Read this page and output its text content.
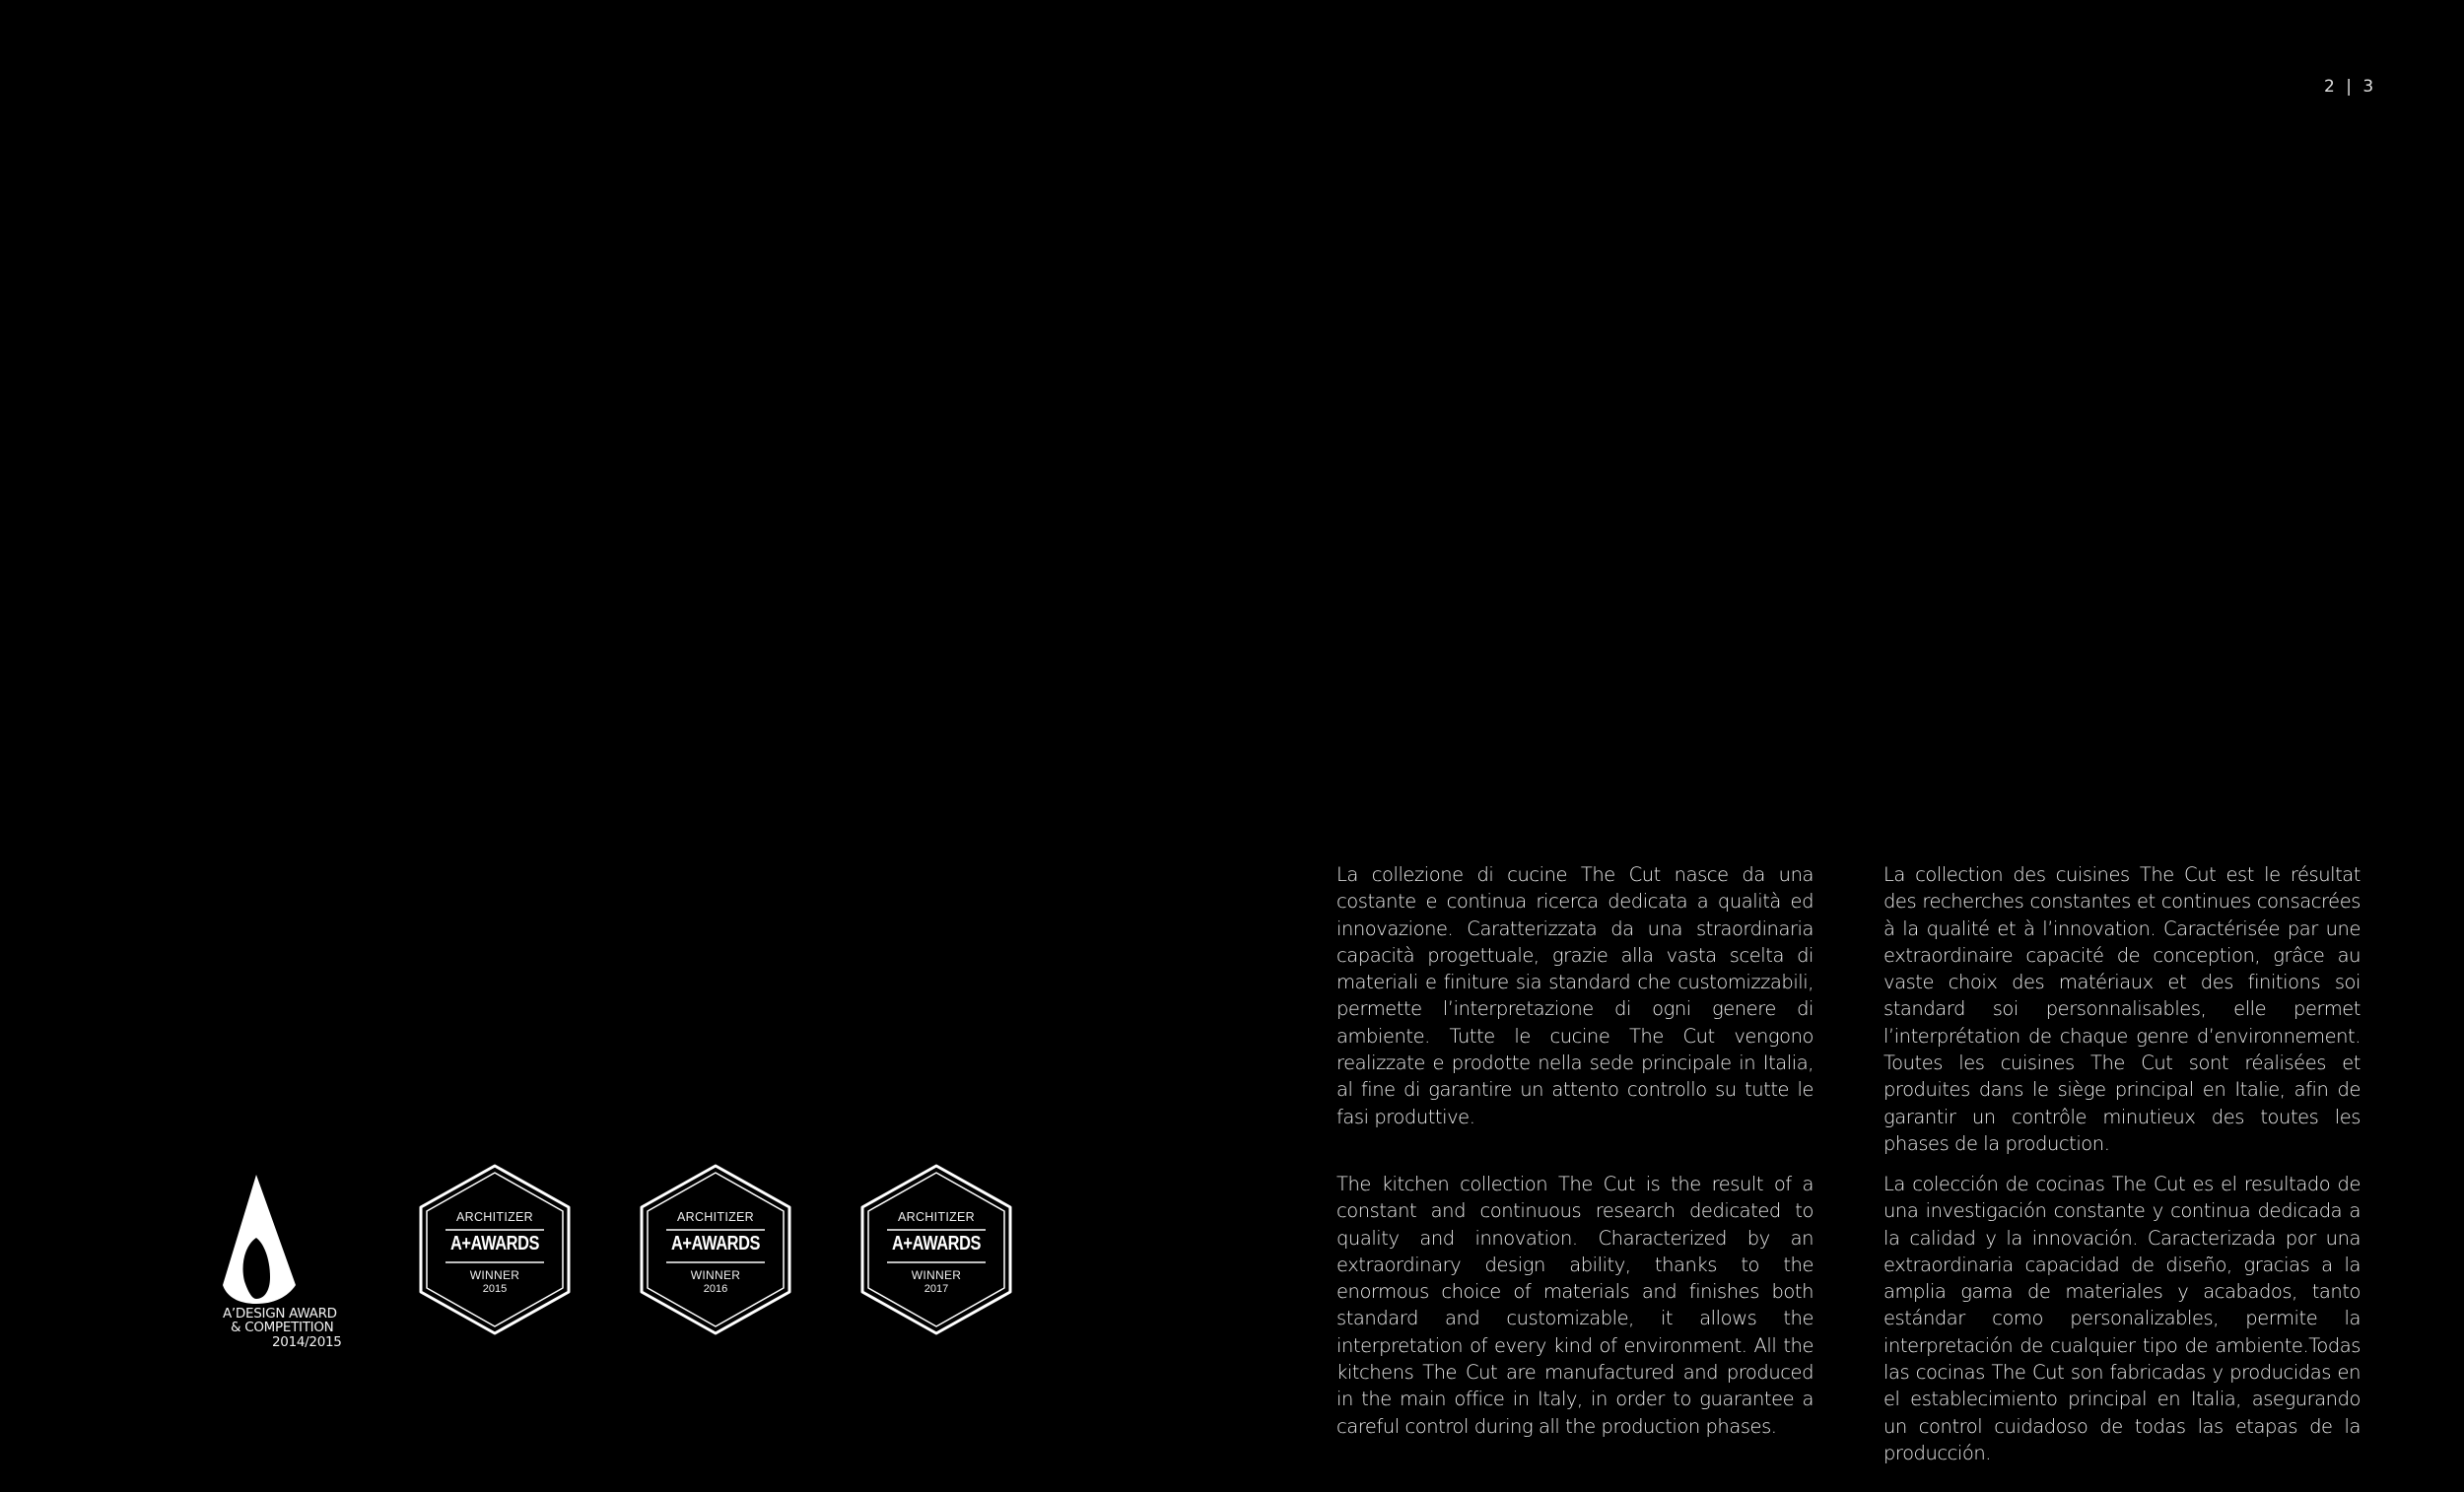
2 | 3

La collezione di cucine The Cut nasce da una costante e continua ricerca dedicata a qualità ed innovazione. Caratterizzata da una straordinaria capacità progettuale, grazie alla vasta scelta di materiali e finiture sia standard che customizzabili, permette l’interpretazione di ogni genere di ambiente. Tutte le cucine The Cut vengono realizzate e prodotte nella sede principale in Italia, al fine di garantire un attento controllo su tutte le fasi produttive.

La collection des cuisines The Cut est le résultat des recherches constantes et continues consacrées à la qualité et à l’innovation. Caractérisée par une extraordinaire capacité de conception, grâce au vaste choix des matériaux et des finitions soi standard soi personnalisables, elle permet l’interprétation de chaque genre d’environnement. Toutes les cuisines The Cut sont réalisées et produites dans le siège principal en Italie, afin de garantir un contrôle minutieux des toutes les phases de la production.

The kitchen collection The Cut is the result of a constant and continuous research dedicated to quality and innovation. Characterized by an extraordinary design ability, thanks to the enormous choice of materials and finishes both standard and customizable, it allows the interpretation of every kind of environment. All the kitchens The Cut are manufactured and produced in the main office in Italy, in order to guarantee a careful control during all the production phases.

La colección de cocinas The Cut es el resultado de una investigación constante y continua dedicada a la calidad y la innovación. Caracterizada por una extraordinaria capacidad de diseño, gracias a la amplia gama de materiales y acabados, tanto estándar como personalizables, permite la interpretación de cualquier tipo de ambiente.Todas las cocinas The Cut son fabricadas y producidas en el establecimiento principal en Italia, asegurando un control cuidadoso de todas las etapas de la producción.

A’DESIGN AWARD
& COMPETITION
2014/2015
ARCHITIZER
A+AWARDS
WINNER
2015
ARCHITIZER
A+AWARDS
WINNER
2016
ARCHITIZER
A+AWARDS
WINNER
2017
